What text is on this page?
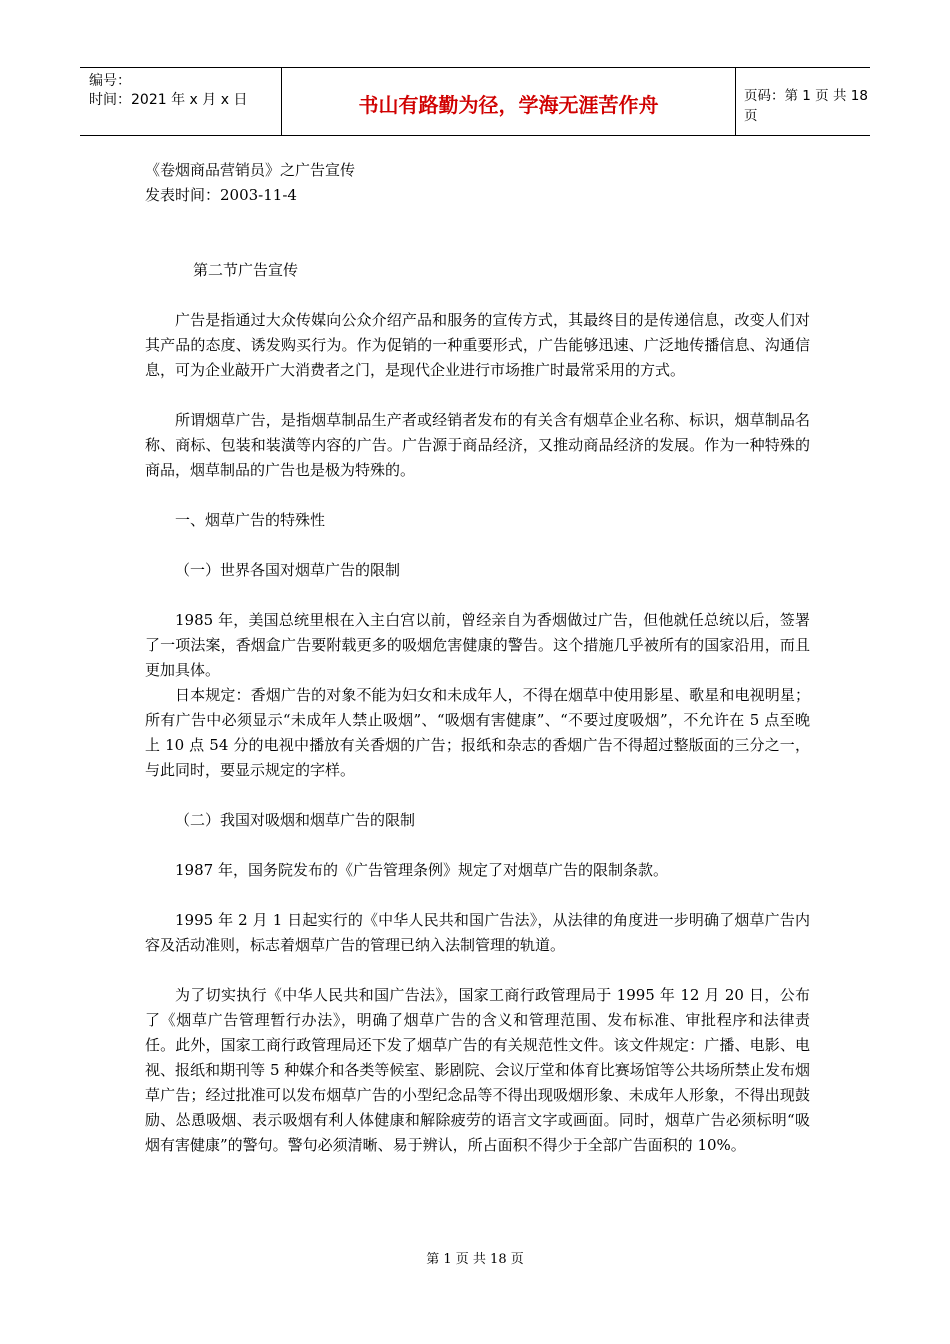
编号：
时间：2021 年 x 月 x 日	书山有路勤为径，学海无涯苦作舟	页码：第 1 页 共 18 页

《卷烟商品营销员》之广告宣传

发表时间：2003-11-4

第二节广告宣传

广告是指通过大众传媒向公众介绍产品和服务的宣传方式，其最终目的是传递信息，改变人们对其产品的态度、诱发购买行为。作为促销的一种重要形式，广告能够迅速、广泛地传播信息、沟通信息，可为企业敲开广大消费者之门，是现代企业进行市场推广时最常采用的方式。

所谓烟草广告，是指烟草制品生产者或经销者发布的有关含有烟草企业名称、标识，烟草制品名称、商标、包装和装潢等内容的广告。广告源于商品经济，又推动商品经济的发展。作为一种特殊的商品，烟草制品的广告也是极为特殊的。

一、烟草广告的特殊性

（一）世界各国对烟草广告的限制

1985 年，美国总统里根在入主白宫以前，曾经亲自为香烟做过广告，但他就任总统以后，签署了一项法案，香烟盒广告要附载更多的吸烟危害健康的警告。这个措施几乎被所有的国家沿用，而且更加具体。

日本规定：香烟广告的对象不能为妇女和未成年人，不得在烟草中使用影星、歌星和电视明星；所有广告中必须显示“未成年人禁止吸烟”、“吸烟有害健康”、“不要过度吸烟”，不允许在 5 点至晚上 10 点 54 分的电视中播放有关香烟的广告；报纸和杂志的香烟广告不得超过整版面的三分之一，与此同时，要显示规定的字样。

（二）我国对吸烟和烟草广告的限制

1987 年，国务院发布的《广告管理条例》规定了对烟草广告的限制条款。

1995 年 2 月 1 日起实行的《中华人民共和国广告法》，从法律的角度进一步明确了烟草广告内容及活动准则，标志着烟草广告的管理已纳入法制管理的轨道。

为了切实执行《中华人民共和国广告法》，国家工商行政管理局于 1995 年 12 月 20 日，公布了《烟草广告管理暂行办法》，明确了烟草广告的含义和管理范围、发布标准、审批程序和法律责任。此外，国家工商行政管理局还下发了烟草广告的有关规范性文件。该文件规定：广播、电影、电视、报纸和期刊等 5 种媒介和各类等候室、影剧院、会议厅堂和体育比赛场馆等公共场所禁止发布烟草广告；经过批准可以发布烟草广告的小型纪念品等不得出现吸烟形象、未成年人形象，不得出现鼓励、怂恿吸烟、表示吸烟有利人体健康和解除疲劳的语言文字或画面。同时，烟草广告必须标明“吸烟有害健康”的警句。警句必须清晰、易于辨认，所占面积不得少于全部广告面积的 10%。

第 1 页 共 18 页
